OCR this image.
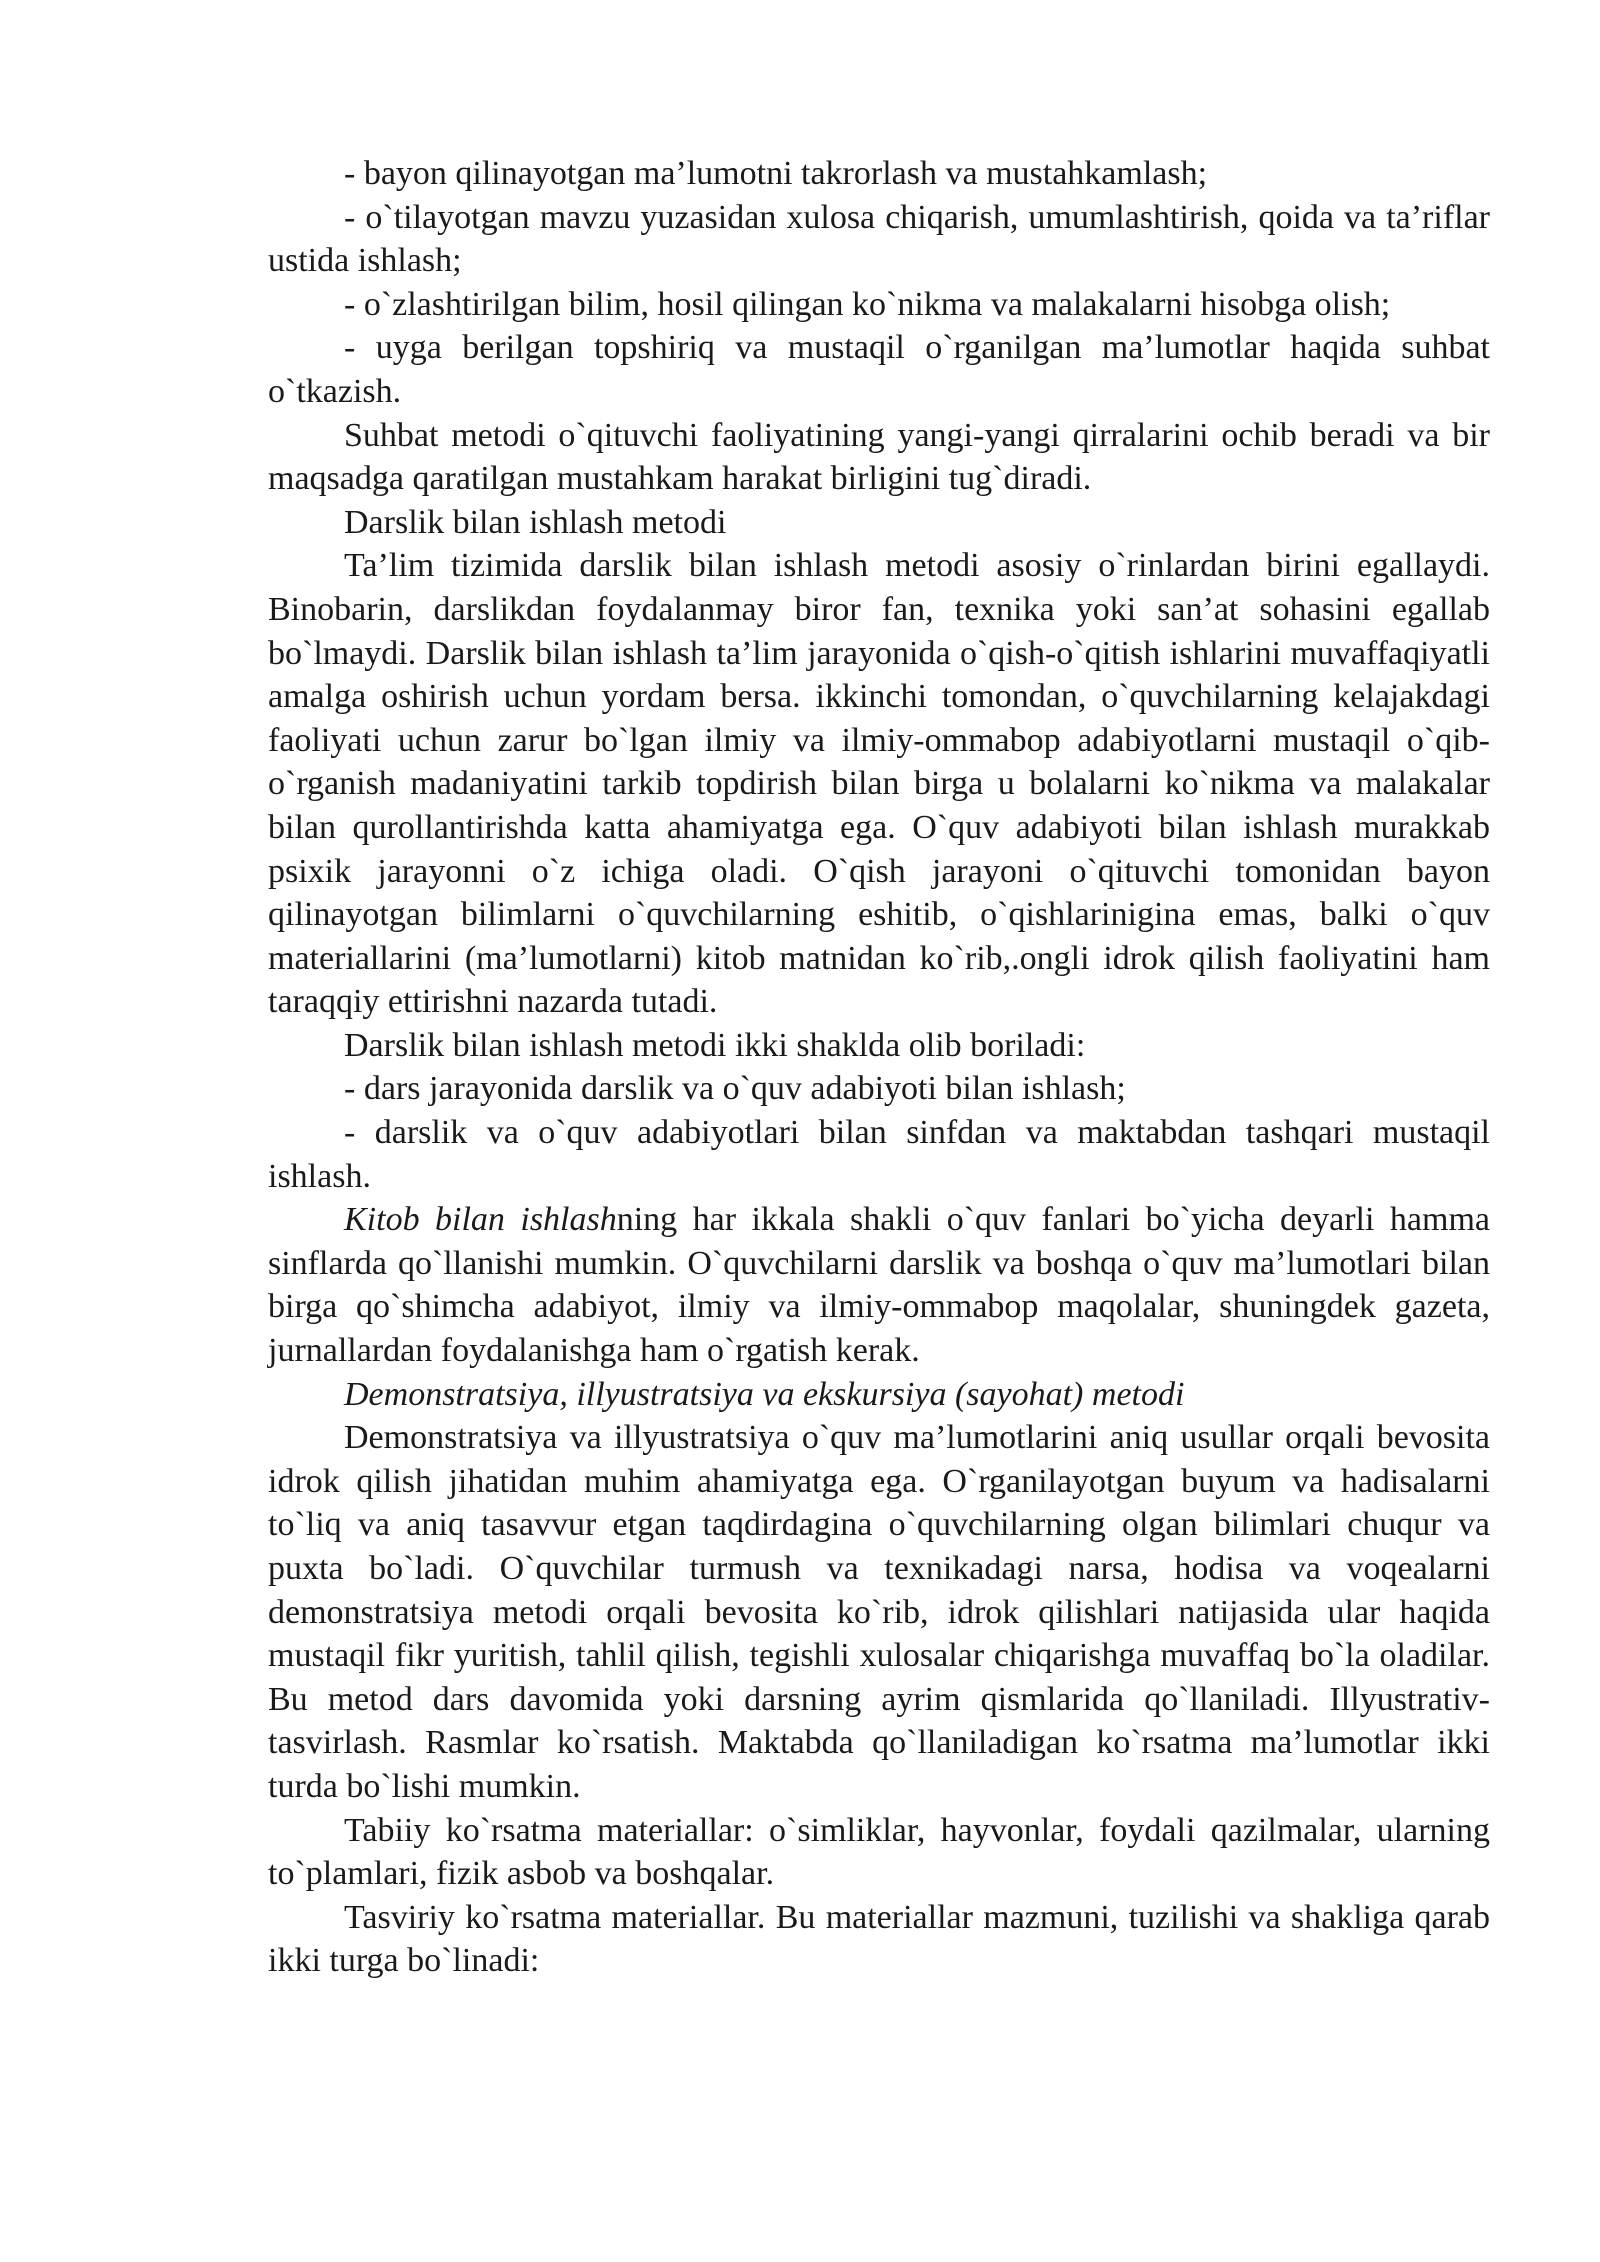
- bayon qilinayotgan ma’lumotni takrorlash va mustahkamlash;

- o`tilayotgan mavzu yuzasidan xulosa chiqarish, umumlashtirish, qoida va ta’riflar ustida ishlash;

- o`zlashtirilgan bilim, hosil qilingan ko`nikma va malakalarni hisobga olish;

- uyga berilgan topshiriq va mustaqil o`rganilgan ma’lumotlar haqida suhbat o`tkazish.

Suhbat metodi o`qituvchi faoliyatining yangi-yangi qirralarini ochib beradi va bir maqsadga qaratilgan mustahkam harakat birligini tug`diradi.

Darslik bilan ishlash metodi

Ta’lim tizimida darslik bilan ishlash metodi asosiy o`rinlardan birini egallaydi. Binobarin, darslikdan foydalanmay biror fan, texnika yoki san’at sohasini egallab bo`lmaydi. Darslik bilan ishlash ta’lim jarayonida o`qish-o`qitish ishlarini muvaffaqiyatli amalga oshirish uchun yordam bersa. ikkinchi tomondan, o`quvchilarning kelajakdagi faoliyati uchun zarur bo`lgan ilmiy va ilmiy-ommabop adabiyotlarni mustaqil o`qib-o`rganish madaniyatini tarkib topdirish bilan birga u bolalarni ko`nikma va malakalar bilan qurollantirishda katta ahamiyatga ega. O`quv adabiyoti bilan ishlash murakkab psixik jarayonni o`z ichiga oladi. O`qish jarayoni o`qituvchi tomonidan bayon qilinayotgan bilimlarni o`quvchilarning eshitib, o`qishlarinigina emas, balki o`quv materiallarini (ma’lumotlarni) kitob matnidan ko`rib,.ongli idrok qilish faoliyatini ham taraqqiy ettirishni nazarda tutadi.

Darslik bilan ishlash metodi ikki shaklda olib boriladi:

- dars jarayonida darslik va o`quv adabiyoti bilan ishlash;

- darslik va o`quv adabiyotlari bilan sinfdan va maktabdan tashqari mustaqil ishlash.

Kitob bilan ishlashning har ikkala shakli o`quv fanlari bo`yicha deyarli hamma sinflarda qo`llanishi mumkin. O`quvchilarni darslik va boshqa o`quv ma’lumotlari bilan birga qo`shimcha adabiyot, ilmiy va ilmiy-ommabop maqolalar, shuningdek gazeta, jurnallardan foydalanishga ham o`rgatish kerak.

Demonstratsiya, illyustratsiya va ekskursiya (sayohat) metodi

Demonstratsiya va illyustratsiya o`quv ma’lumotlarini aniq usullar orqali bevosita idrok qilish jihatidan muhim ahamiyatga ega. O`rganilayotgan buyum va hadisalarni to`liq va aniq tasavvur etgan taqdirdagina o`quvchilarning olgan bilimlari chuqur va puxta bo`ladi. O`quvchilar turmush va texnikadagi narsa, hodisa va voqealarni demonstratsiya metodi orqali bevosita ko`rib, idrok qilishlari natijasida ular haqida mustaqil fikr yuritish, tahlil qilish, tegishli xulosalar chiqarishga muvaffaq bo`la oladilar. Bu metod dars davomida yoki darsning ayrim qismlarida qo`llaniladi. Illyustrativ- tasvirlash. Rasmlar ko`rsatish. Maktabda qo`llaniladigan ko`rsatma ma’lumotlar ikki turda bo`lishi mumkin.

Tabiiy ko`rsatma materiallar: o`simliklar, hayvonlar, foydali qazilmalar, ularning to`plamlari, fizik asbob va boshqalar.

Tasviriy ko`rsatma materiallar. Bu materiallar mazmuni, tuzilishi va shakliga qarab ikki turga bo`linadi:
